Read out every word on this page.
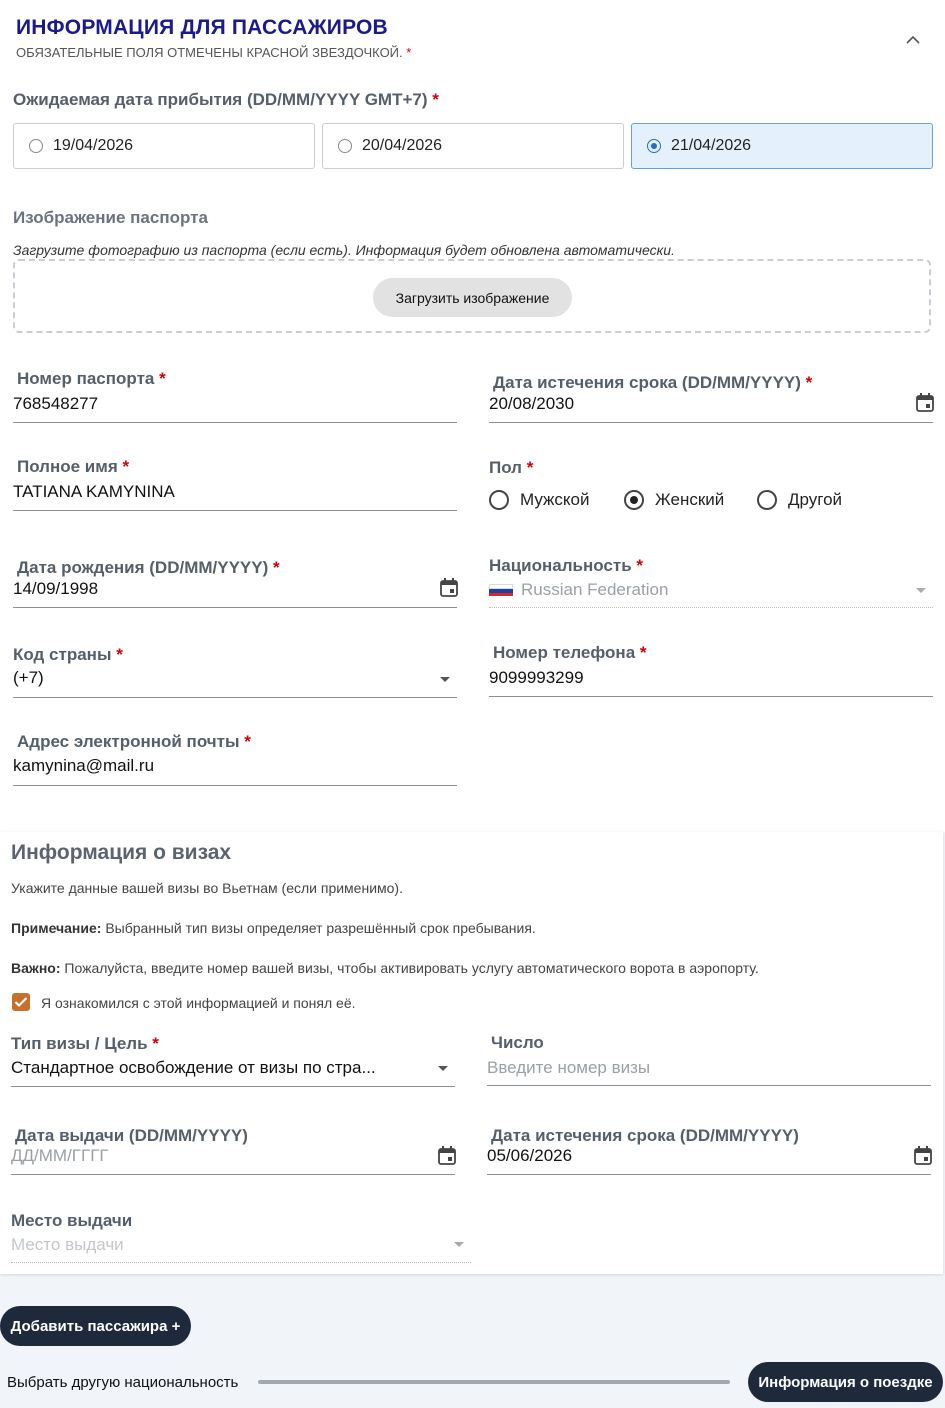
ИНФОРМАЦИЯ ДЛЯ ПАССАЖИРОВ
ОБЯЗАТЕЛЬНЫЕ ПОЛЯ ОТМЕЧЕНЫ КРАСНОЙ ЗВЕЗДОЧКОЙ. *
Ожидаемая дата прибытия (DD/MM/YYYY GMT+7) *
19/04/2026	20/04/2026	21/04/2026
Изображение паспорта
Загрузите фотографию из паспорта (если есть). Информация будет обновлена автоматически.
Загрузить изображение
Номер паспорта *
768548277
Дата истечения срока (DD/MM/YYYY) *
20/08/2030
Полное имя *
TATIANA KAMYNINA
Пол *
Мужской	Женский	Другой
Дата рождения (DD/MM/YYYY) *
14/09/1998
Национальность *
Russian Federation
Код страны *
(+7)
Номер телефона *
9099993299
Адрес электронной почты *
kamynina@mail.ru
Информация о визах
Укажите данные вашей визы во Вьетнам (если применимо).
Примечание: Выбранный тип визы определяет разрешённый срок пребывания.
Важно: Пожалуйста, введите номер вашей визы, чтобы активировать услугу автоматического ворота в аэропорту.
Я ознакомился с этой информацией и понял её.
Тип визы / Цель *
Стандартное освобождение от визы по стра...
Число
Введите номер визы
Дата выдачи (DD/MM/YYYY)
ДД/ММ/ГГГГ
Дата истечения срока (DD/MM/YYYY)
05/06/2026
Место выдачи
Место выдачи
Добавить пассажира +
Выбрать другую национальность	Информация о поездке
